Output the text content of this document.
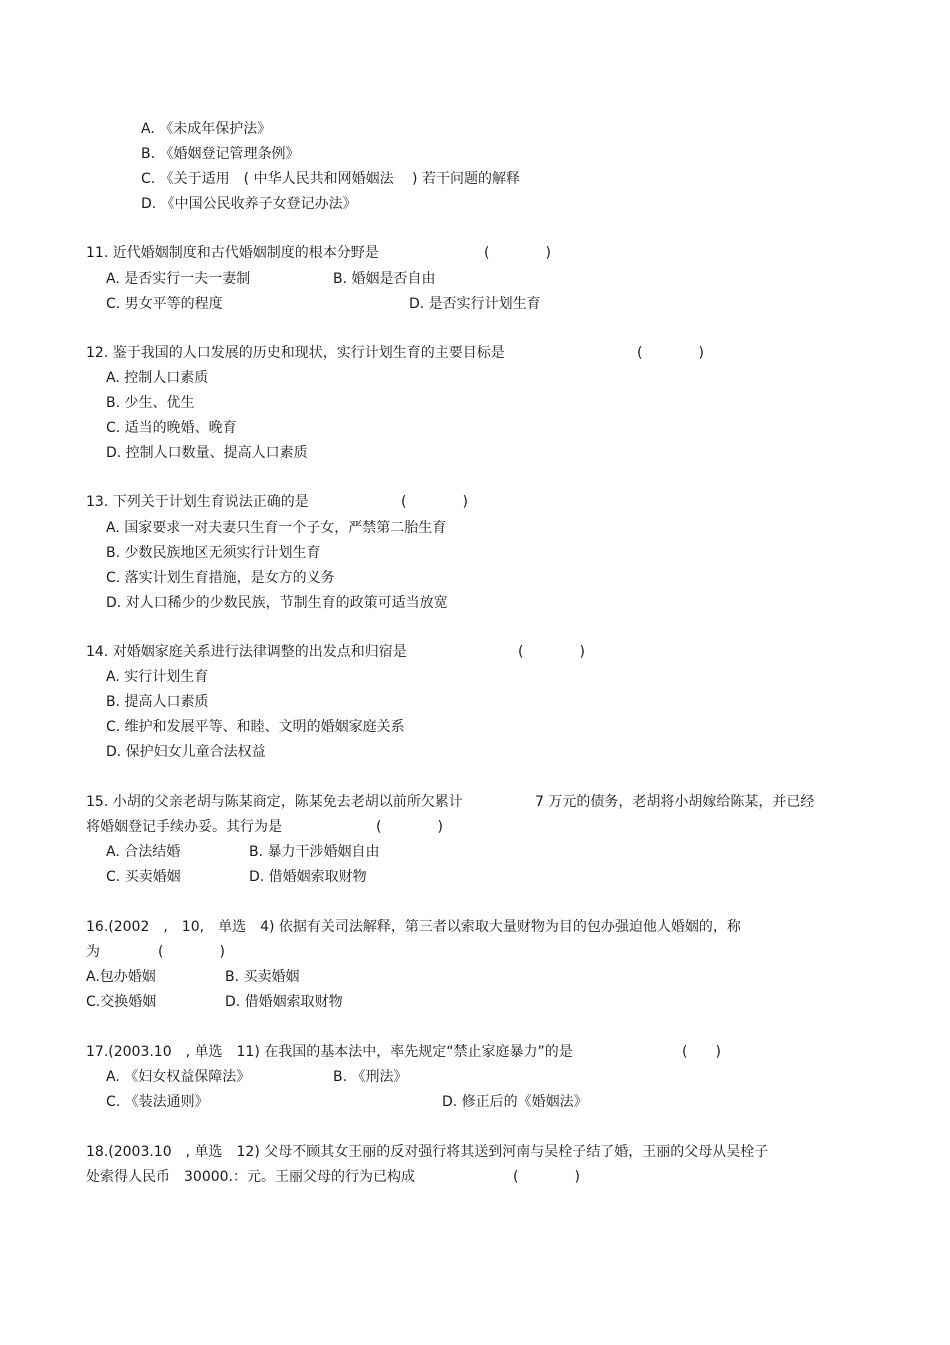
A. 《未成年保护法》
B. 《婚姻登记管理条例》
C. 《关于适用　( 中华人民共和网婚姻法　 ) 若干问题的解释
D. 《中国公民收养子女登记办法》
11. 近代婚姻制度和古代婚姻制度的根本分野是	(　　　　)
A. 是否实行一夫一妻制	B. 婚姻是否自由
C. 男女平等的程度	D. 是否实行计划生育
12. 鉴于我国的人口发展的历史和现状，实行计划生育的主要目标是	(　　　　)
A. 控制人口素质
B. 少生、优生
C. 适当的晚婚、晚育
D. 控制人口数量、提高人口素质
13. 下列关于计划生育说法正确的是	(　　　　)
A. 国家要求一对夫妻只生育一个子女，严禁第二胎生育
B. 少数民族地区无须实行计划生育
C. 落实计划生育措施，是女方的义务
D. 对人口稀少的少数民族，节制生育的政策可适当放宽
14. 对婚姻家庭关系进行法律调整的出发点和归宿是	(　　　　)
A. 实行计划生育
B. 提高人口素质
C. 维护和发展平等、和睦、文明的婚姻家庭关系
D. 保护妇女儿童合法权益
15. 小胡的父亲老胡与陈某商定，陈某免去老胡以前所欠累计	7 万元的债务，老胡将小胡嫁给陈某，并已经
将婚姻登记手续办妥。其行为是	(　　　　)
A. 合法结婚	B. 暴力干涉婚姻自由
C. 买卖婚姻	D. 借婚姻索取财物
16.(2002　,　10,　单选　4) 依据有关司法解释，第三者以索取大量财物为目的包办强迫他人婚姻的，称
为	(　　　　)
A.包办婚姻	B. 买卖婚姻
C.交换婚姻	D. 借婚姻索取财物
17.(2003.10　, 单选　11) 在我国的基本法中，率先规定“禁止家庭暴力”的是	(　　)
A. 《妇女权益保障法》	B. 《刑法》
C. 《装法通则》	D. 修正后的《婚姻法》
18.(2003.10　, 单选　12) 父母不顾其女王丽的反对强行将其送到河南与吴栓子结了婚，王丽的父母从吴栓子
处索得人民币　30000.：元。王丽父母的行为已构成	(　　　　)
